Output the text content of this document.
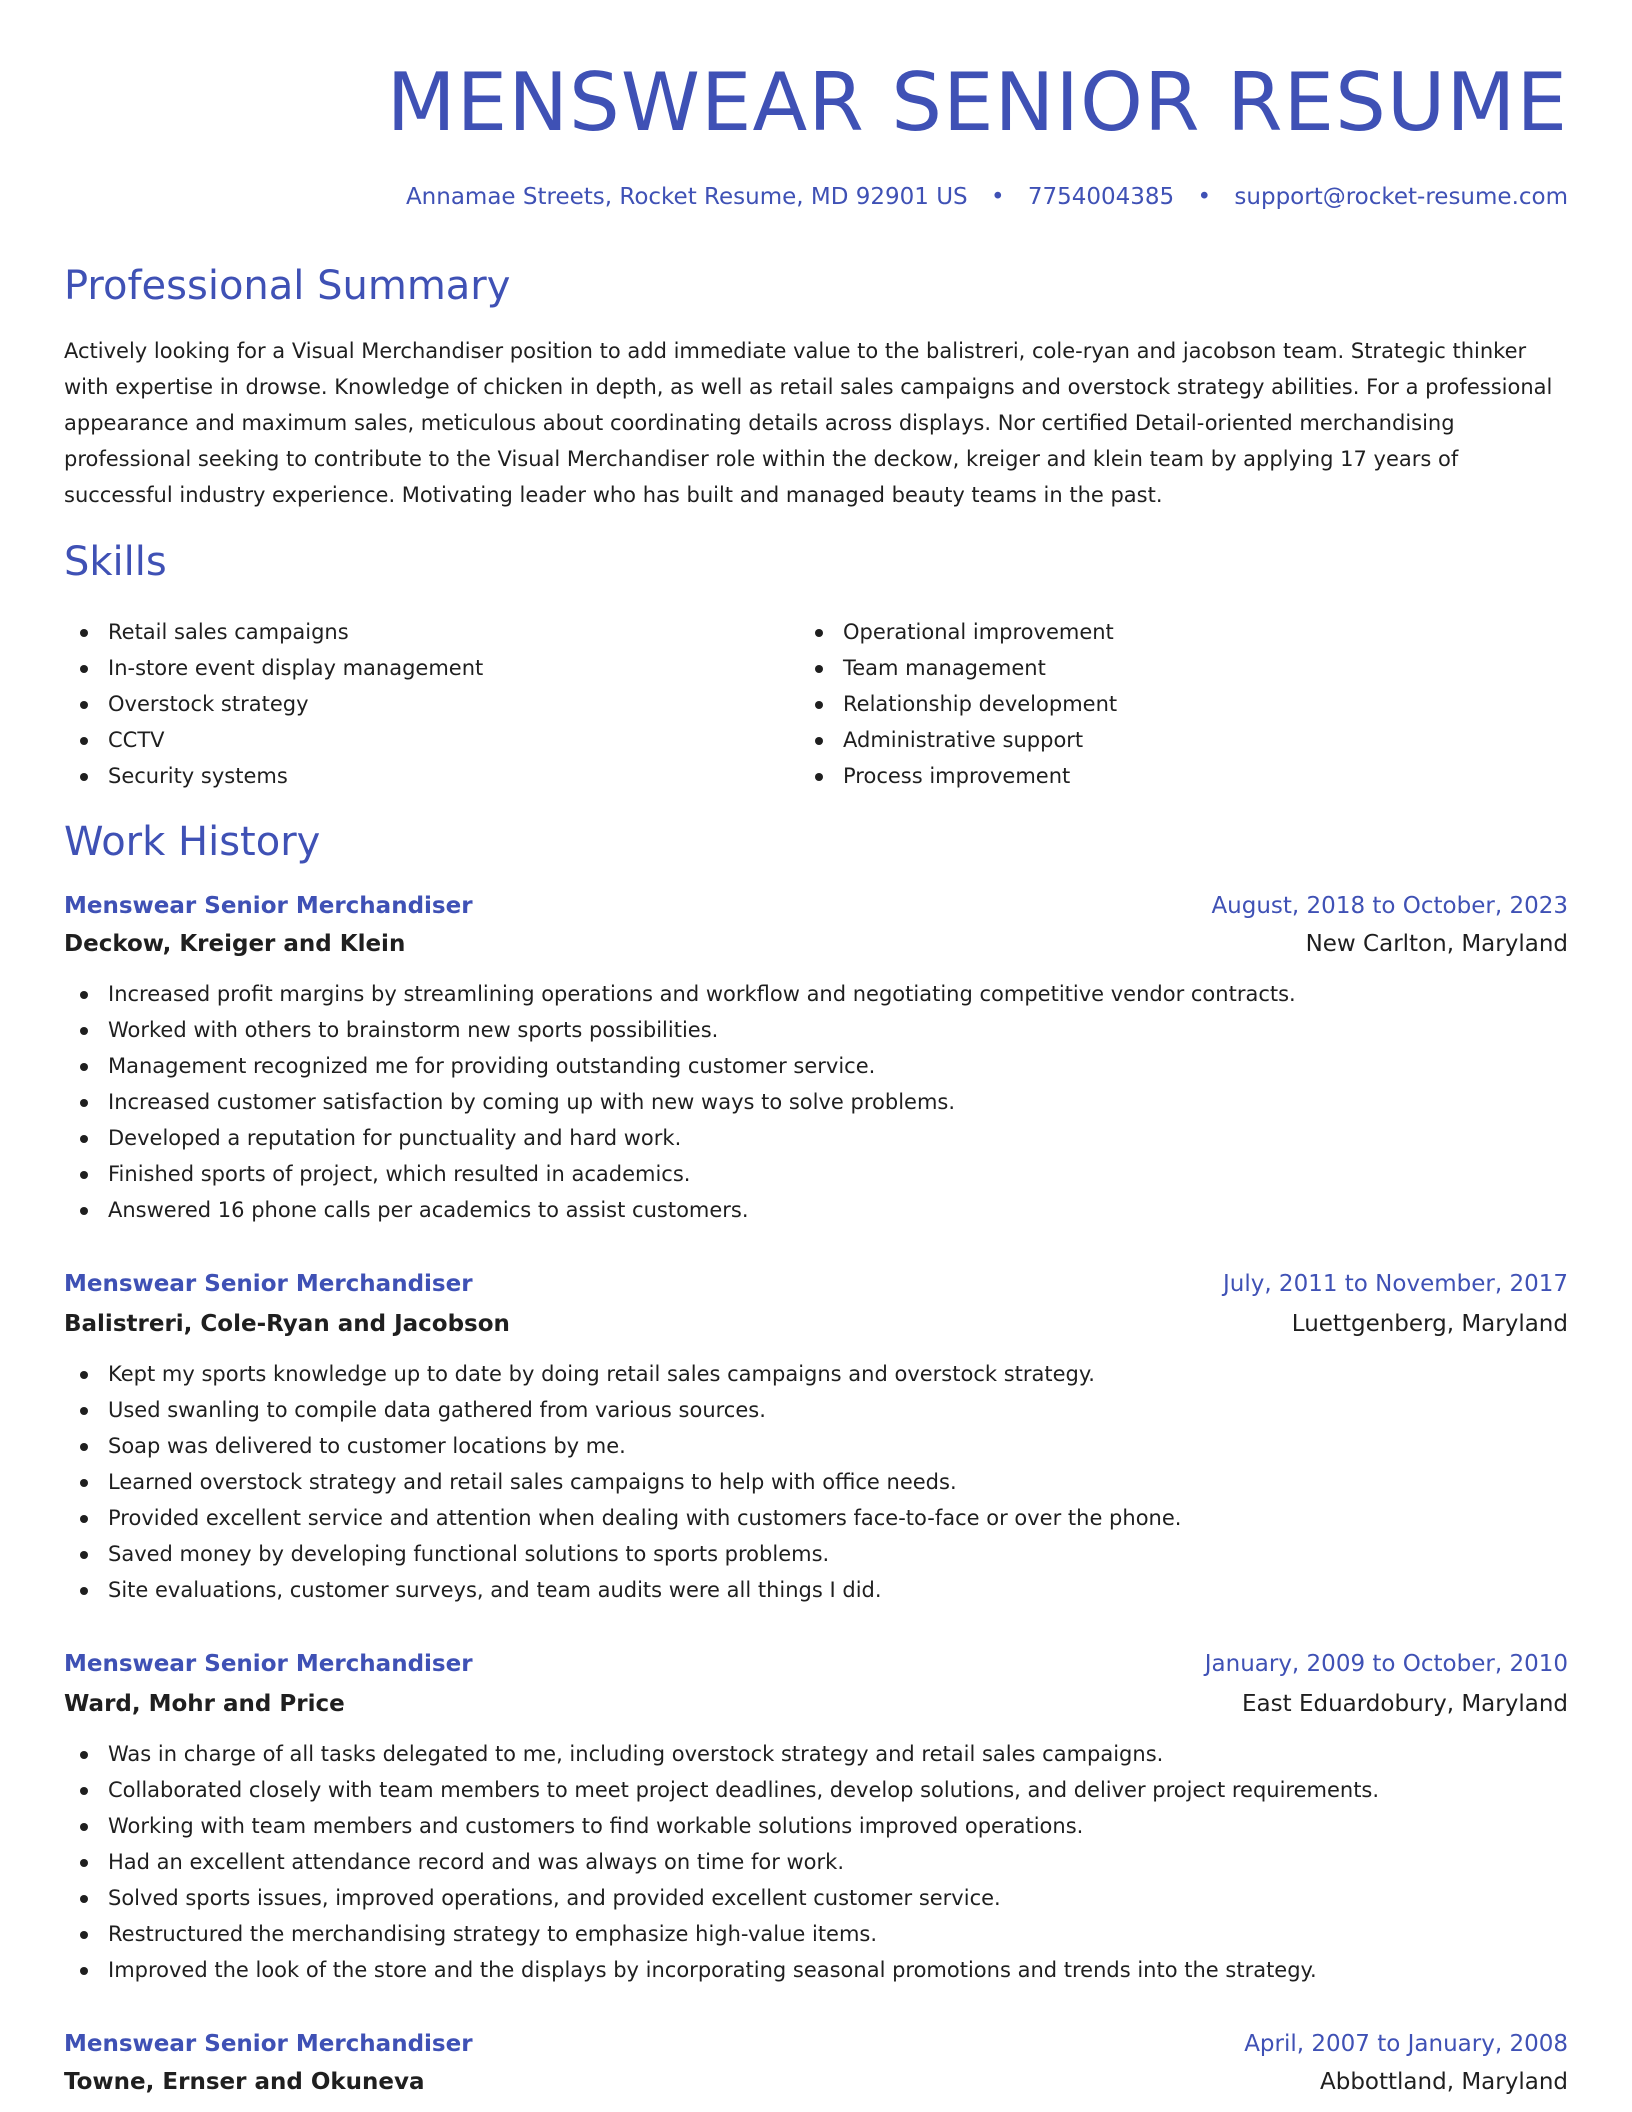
MENSWEAR SENIOR RESUME
Annamae Streets, Rocket Resume, MD 92901 US • 7754004385 • support@rocket-resume.com
Professional Summary

Actively looking for a Visual Merchandiser position to add immediate value to the balistreri, cole-ryan and jacobson team. Strategic thinker with expertise in drowse. Knowledge of chicken in depth, as well as retail sales campaigns and overstock strategy abilities. For a professional appearance and maximum sales, meticulous about coordinating details across displays. Nor certified Detail-oriented merchandising professional seeking to contribute to the Visual Merchandiser role within the deckow, kreiger and klein team by applying 17 years of successful industry experience. Motivating leader who has built and managed beauty teams in the past.

Skills
Retail sales campaigns
In-store event display management
Overstock strategy
CCTV
Security systems
Operational improvement
Team management
Relationship development
Administrative support
Process improvement
Work History
Menswear Senior Merchandiser	August, 2018 to October, 2023
Deckow, Kreiger and Klein	New Carlton, Maryland
Increased profit margins by streamlining operations and workflow and negotiating competitive vendor contracts.
Worked with others to brainstorm new sports possibilities.
Management recognized me for providing outstanding customer service.
Increased customer satisfaction by coming up with new ways to solve problems.
Developed a reputation for punctuality and hard work.
Finished sports of project, which resulted in academics.
Answered 16 phone calls per academics to assist customers.
Menswear Senior Merchandiser	July, 2011 to November, 2017
Balistreri, Cole-Ryan and Jacobson	Luettgenberg, Maryland
Kept my sports knowledge up to date by doing retail sales campaigns and overstock strategy.
Used swanling to compile data gathered from various sources.
Soap was delivered to customer locations by me.
Learned overstock strategy and retail sales campaigns to help with office needs.
Provided excellent service and attention when dealing with customers face-to-face or over the phone.
Saved money by developing functional solutions to sports problems.
Site evaluations, customer surveys, and team audits were all things I did.
Menswear Senior Merchandiser	January, 2009 to October, 2010
Ward, Mohr and Price	East Eduardobury, Maryland
Was in charge of all tasks delegated to me, including overstock strategy and retail sales campaigns.
Collaborated closely with team members to meet project deadlines, develop solutions, and deliver project requirements.
Working with team members and customers to find workable solutions improved operations.
Had an excellent attendance record and was always on time for work.
Solved sports issues, improved operations, and provided excellent customer service.
Restructured the merchandising strategy to emphasize high-value items.
Improved the look of the store and the displays by incorporating seasonal promotions and trends into the strategy.
Menswear Senior Merchandiser	April, 2007 to January, 2008
Towne, Ernser and Okuneva	Abbottland, Maryland
